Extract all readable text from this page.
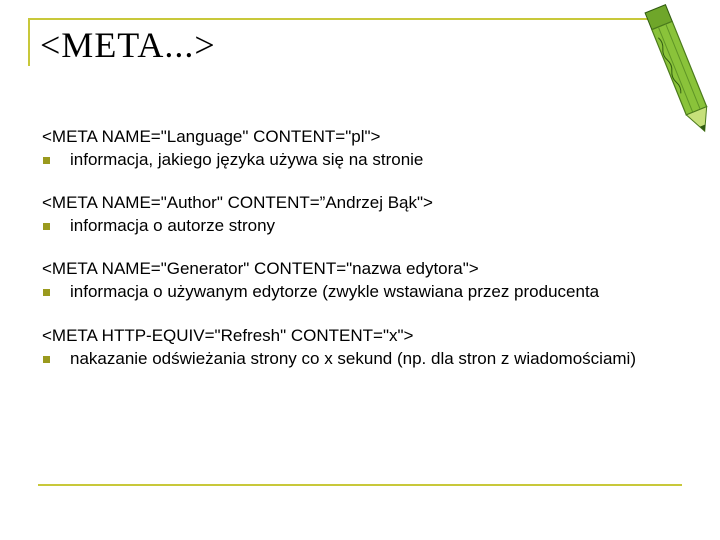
<META...>
<META NAME="Language" CONTENT="pl">
informacja, jakiego języka używa się na stronie
<META NAME="Author" CONTENT=”Andrzej Bąk">
informacja o autorze strony
<META NAME="Generator" CONTENT="nazwa edytora">
informacja o używanym edytorze (zwykle wstawiana przez producenta
<META HTTP-EQUIV="Refresh" CONTENT="x">
nakazanie odświeżania strony co x sekund (np. dla stron z wiadomościami)
